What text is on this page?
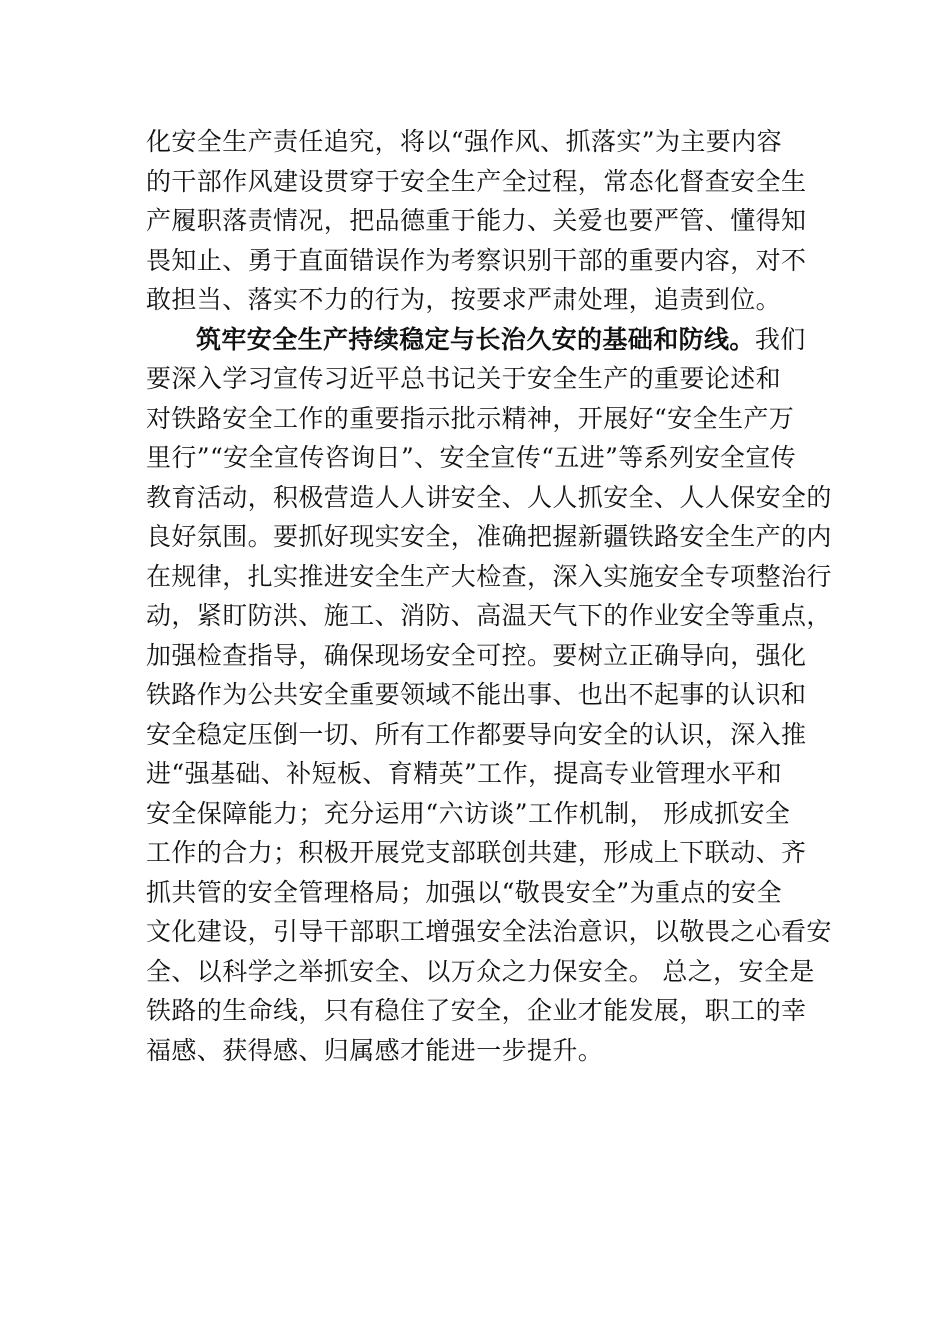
化安全生产责任追究，将以“强作风、抓落实”为主要内容
的干部作风建设贯穿于安全生产全过程，常态化督查安全生
产履职落责情况，把品德重于能力、关爱也要严管、懂得知
畏知止、勇于直面错误作为考察识别干部的重要内容，对不
敢担当、落实不力的行为，按要求严肃处理，追责到位。

筑牢安全生产持续稳定与长治久安的基础和防线。我们
要深入学习宣传习近平总书记关于安全生产的重要论述和
对铁路安全工作的重要指示批示精神，开展好“安全生产万
里行”“安全宣传咨询日”、安全宣传“五进”等系列安全宣传
教育活动，积极营造人人讲安全、人人抓安全、人人保安全的
良好氛围。要抓好现实安全，准确把握新疆铁路安全生产的内
在规律，扎实推进安全生产大检查，深入实施安全专项整治行
动，紧盯防洪、施工、消防、高温天气下的作业安全等重点，
加强检查指导，确保现场安全可控。要树立正确导向，强化
铁路作为公共安全重要领域不能出事、也出不起事的认识和
安全稳定压倒一切、所有工作都要导向安全的认识，深入推
进“强基础、补短板、育精英”工作，提高专业管理水平和
安全保障能力；充分运用“六访谈”工作机制， 形成抓安全
工作的合力；积极开展党支部联创共建，形成上下联动、齐
抓共管的安全管理格局；加强以“敬畏安全”为重点的安全
文化建设，引导干部职工增强安全法治意识，以敬畏之心看安
全、以科学之举抓安全、以万众之力保安全。 总之，安全是
铁路的生命线，只有稳住了安全，企业才能发展，职工的幸
福感、获得感、归属感才能进一步提升。
